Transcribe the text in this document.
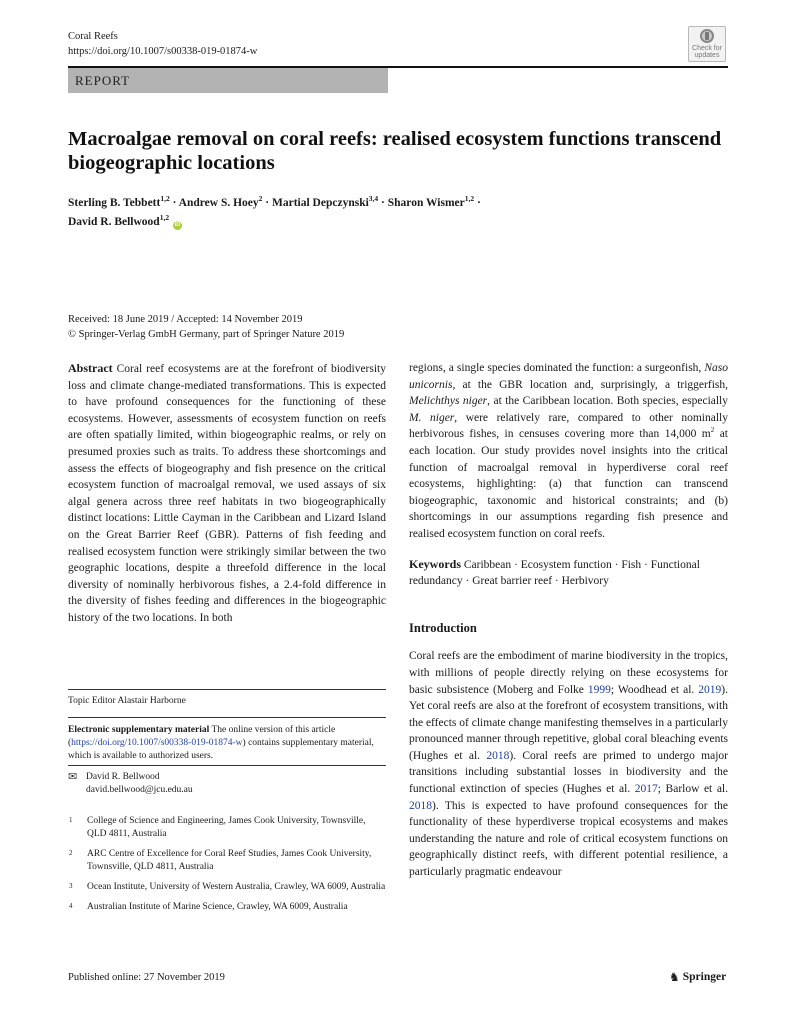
Coral Reefs
https://doi.org/10.1007/s00338-019-01874-w	Check for
updates
REPORT
Macroalgae removal on coral reefs: realised ecosystem functions transcend biogeographic locations
Sterling B. Tebbett$^{1,2}$ · Andrew S. Hoey$^2$ · Martial Depczynski$^{3,4}$ · Sharon Wismer$^{1,2}$ ·
David R. Bellwood$^{1,2}$ iD
Received: 18 June 2019 / Accepted: 14 November 2019
© Springer-Verlag GmbH Germany, part of Springer Nature 2019

Abstract Coral reef ecosystems are at the forefront of biodiversity loss and climate change-mediated transformations. This is expected to have profound consequences for the functioning of these ecosystems. However, assessments of ecosystem function on reefs are often spatially limited, within biogeographic realms, or rely on presumed proxies such as traits. To address these shortcomings and assess the effects of biogeography and fish presence on the critical ecosystem function of macroalgal removal, we used assays of six algal genera across three reef habitats in two biogeographically distinct locations: Little Cayman in the Caribbean and Lizard Island on the Great Barrier Reef (GBR). Patterns of fish feeding and realised ecosystem function were strikingly similar between the two geographic locations, despite a threefold difference in the local diversity of nominally herbivorous fishes, a 2.4-fold difference in the diversity of fishes feeding and differences in the biogeographic history of the two locations. In both

regions, a single species dominated the function: a surgeonfish, Naso unicornis, at the GBR location and, surprisingly, a triggerfish, Melichthys niger, at the Caribbean location. Both species, especially M. niger, were relatively rare, compared to other nominally herbivorous fishes, in censuses covering more than 14,000 $m^2$ at each location. Our study provides novel insights into the critical function of macroalgal removal in hyperdiverse coral reef ecosystems, highlighting: (a) that function can transcend biogeographic, taxonomic and historical constraints; and (b) shortcomings in our assumptions regarding fish presence and realised ecosystem function on coral reefs.

Keywords Caribbean · Ecosystem function · Fish · Functional redundancy · Great barrier reef · Herbivory

Introduction

Coral reefs are the embodiment of marine biodiversity in the tropics, with millions of people directly relying on these ecosystems for basic subsistence (Moberg and Folke 1999; Woodhead et al. 2019). Yet coral reefs are also at the forefront of ecosystem transitions, with the effects of climate change manifesting themselves in a particularly pronounced manner through repetitive, global coral bleaching events (Hughes et al. 2018). Coral reefs are primed to undergo major transitions including substantial losses in biodiversity and the functional extinction of species (Hughes et al. 2017; Barlow et al. 2018). This is expected to have profound consequences for the functionality of these hyperdiverse tropical ecosystems and makes understanding the nature and role of critical ecosystem functions on geographically distinct reefs, with different potential resilience, a particularly pragmatic endeavour

Topic Editor Alastair Harborne
Electronic supplementary material The online version of this article (https://doi.org/10.1007/s00338-019-01874-w) contains supplementary material, which is available to authorized users.
✉ David R. Bellwood
david.bellwood@jcu.edu.au
1	College of Science and Engineering, James Cook University, Townsville, QLD 4811, Australia
2	ARC Centre of Excellence for Coral Reef Studies, James Cook University, Townsville, QLD 4811, Australia
3	Ocean Institute, University of Western Australia, Crawley, WA 6009, Australia
4	Australian Institute of Marine Science, Crawley, WA 6009, Australia
Published online: 27 November 2019	♞ Springer
